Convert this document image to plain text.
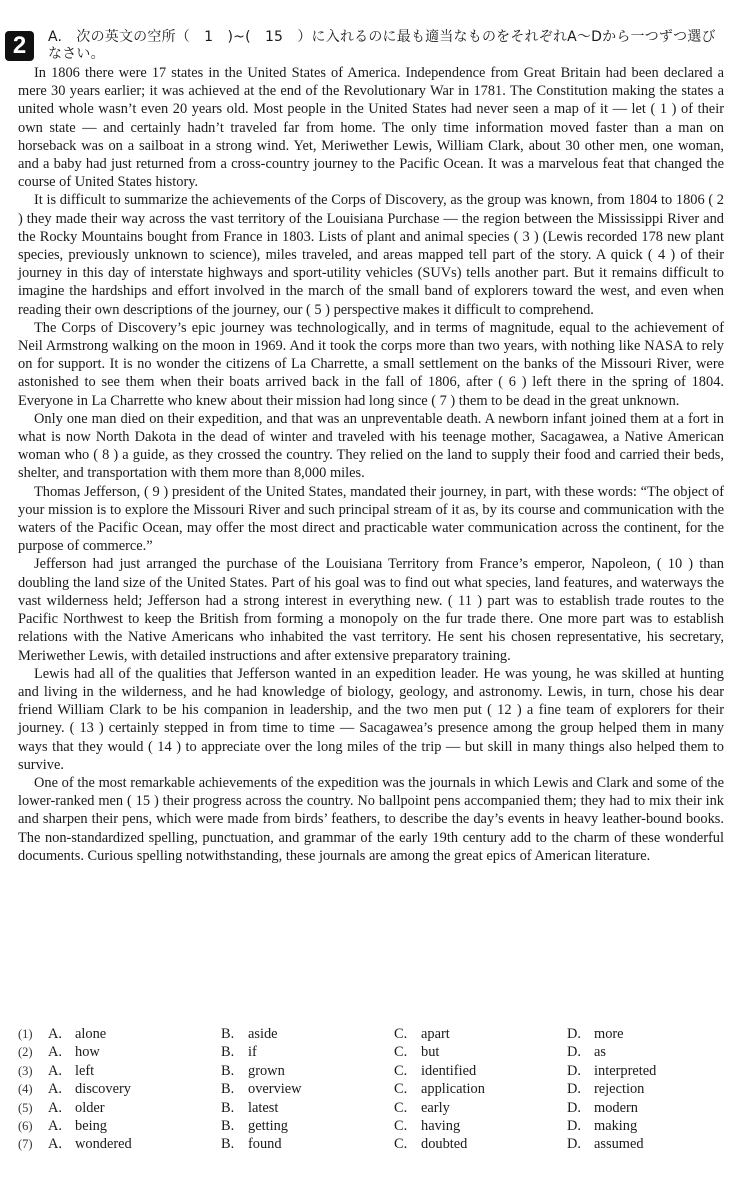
2	A.　次の英文の空所（　1　)~(　15　）に入れるのに最も適当なものをそれぞれA～Dから一つずつ選びなさい。

In 1806 there were 17 states in the United States of America. Independence from Great Britain had been declared a mere 30 years earlier; it was achieved at the end of the Revolutionary War in 1781. The Constitution making the states a united whole wasn’t even 20 years old. Most people in the United States had never seen a map of it — let ( 1 ) of their own state — and certainly hadn’t traveled far from home. The only time information moved faster than a man on horseback was on a sailboat in a strong wind. Yet, Meriwether Lewis, William Clark, about 30 other men, one woman, and a baby had just returned from a cross-country journey to the Pacific Ocean. It was a marvelous feat that changed the course of United States history.

It is difficult to summarize the achievements of the Corps of Discovery, as the group was known, from 1804 to 1806 ( 2 ) they made their way across the vast territory of the Louisiana Purchase — the region between the Mississippi River and the Rocky Mountains bought from France in 1803. Lists of plant and animal species ( 3 ) (Lewis recorded 178 new plant species, previously unknown to science), miles traveled, and areas mapped tell part of the story. A quick ( 4 ) of their journey in this day of interstate highways and sport-utility vehicles (SUVs) tells another part. But it remains difficult to imagine the hardships and effort involved in the march of the small band of explorers toward the west, and even when reading their own descriptions of the journey, our ( 5 ) perspective makes it difficult to comprehend.

The Corps of Discovery’s epic journey was technologically, and in terms of magnitude, equal to the achievement of Neil Armstrong walking on the moon in 1969. And it took the corps more than two years, with nothing like NASA to rely on for support. It is no wonder the citizens of La Charrette, a small settlement on the banks of the Missouri River, were astonished to see them when their boats arrived back in the fall of 1806, after ( 6 ) left there in the spring of 1804. Everyone in La Charrette who knew about their mission had long since ( 7 ) them to be dead in the great unknown.

Only one man died on their expedition, and that was an unpreventable death. A newborn infant joined them at a fort in what is now North Dakota in the dead of winter and traveled with his teenage mother, Sacagawea, a Native American woman who ( 8 ) a guide, as they crossed the country. They relied on the land to supply their food and carried their beds, shelter, and transportation with them more than 8,000 miles.

Thomas Jefferson, ( 9 ) president of the United States, mandated their journey, in part, with these words: “The object of your mission is to explore the Missouri River and such principal stream of it as, by its course and communication with the waters of the Pacific Ocean, may offer the most direct and practicable water communication across the continent, for the purpose of commerce.”

Jefferson had just arranged the purchase of the Louisiana Territory from France’s emperor, Napoleon, ( 10 ) than doubling the land size of the United States. Part of his goal was to find out what species, land features, and waterways the vast wilderness held; Jefferson had a strong interest in everything new. ( 11 ) part was to establish trade routes to the Pacific Northwest to keep the British from forming a monopoly on the fur trade there. One more part was to establish relations with the Native Americans who inhabited the vast territory. He sent his chosen representative, his secretary, Meriwether Lewis, with detailed instructions and after extensive preparatory training.

Lewis had all of the qualities that Jefferson wanted in an expedition leader. He was young, he was skilled at hunting and living in the wilderness, and he had knowledge of biology, geology, and astronomy. Lewis, in turn, chose his dear friend William Clark to be his companion in leadership, and the two men put ( 12 ) a fine team of explorers for their journey. ( 13 ) certainly stepped in from time to time — Sacagawea’s presence among the group helped them in many ways that they would ( 14 ) to appreciate over the long miles of the trip — but skill in many things also helped them to survive.

One of the most remarkable achievements of the expedition was the journals in which Lewis and Clark and some of the lower-ranked men ( 15 ) their progress across the country. No ballpoint pens accompanied them; they had to mix their ink and sharpen their pens, which were made from birds’ feathers, to describe the day’s events in heavy leather-bound books. The non-standardized spelling, punctuation, and grammar of the early 19th century add to the charm of these wonderful documents. Curious spelling notwithstanding, these journals are among the great epics of American literature.

(1)	A. alone	B. aside	C. apart	D. more
(2)	A. how	B. if	C. but	D. as
(3)	A. left	B. grown	C. identified	D. interpreted
(4)	A. discovery	B. overview	C. application	D. rejection
(5)	A. older	B. latest	C. early	D. modern
(6)	A. being	B. getting	C. having	D. making
(7)	A. wondered	B. found	C. doubted	D. assumed
